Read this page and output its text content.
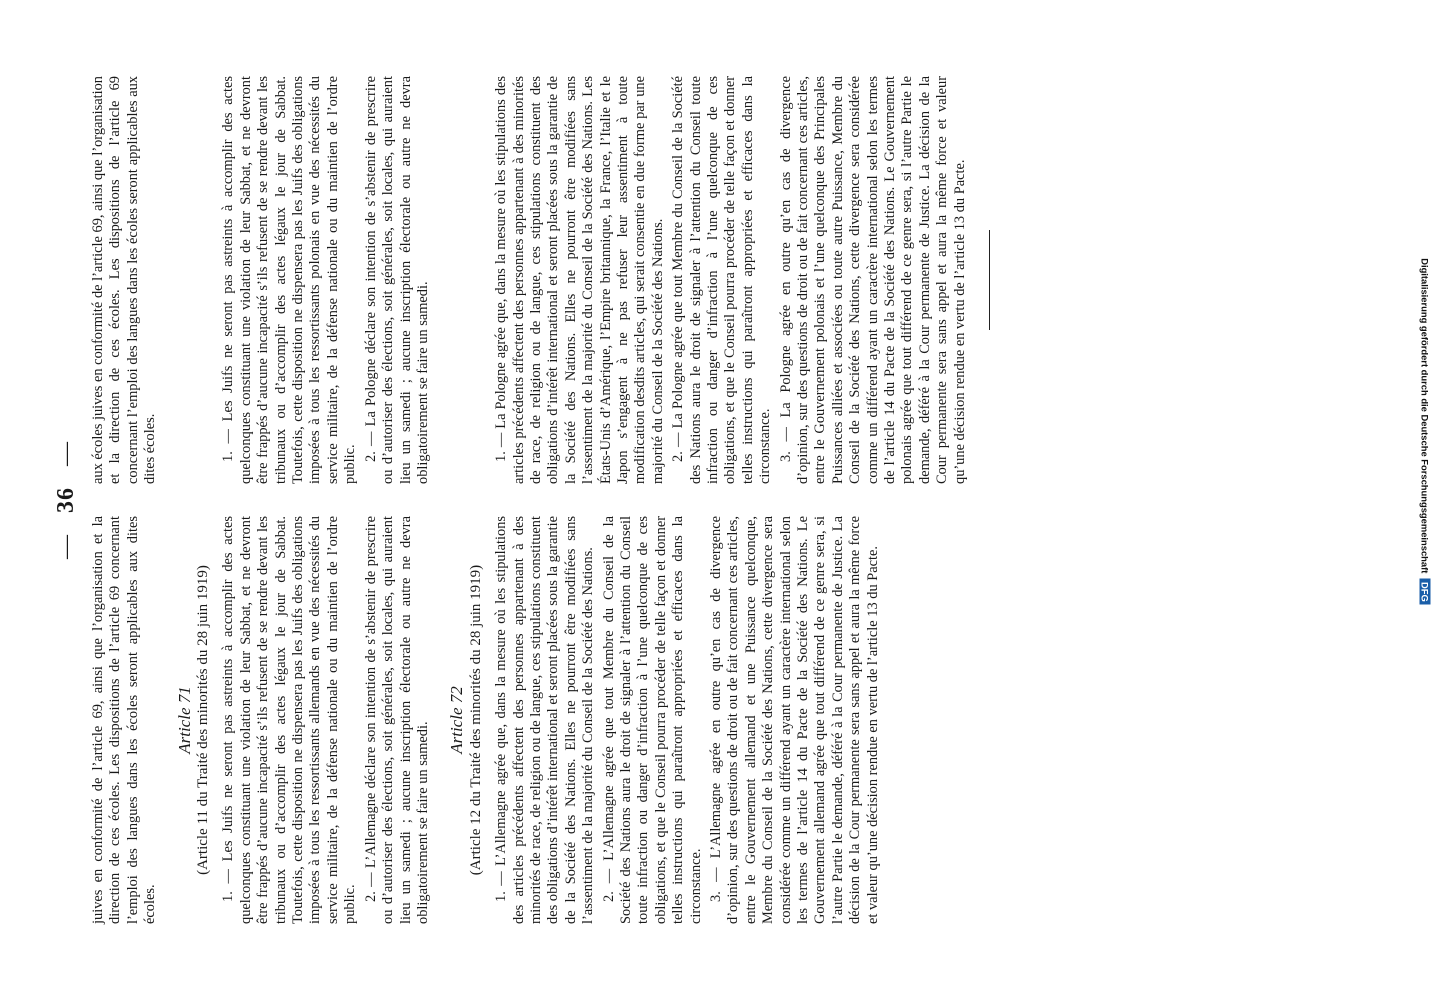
— 36 —

juives en conformité de l’article 69, ainsi que l’organisation et la direction de ces écoles. Les dispositions de l’article 69 concernant l’emploi des langues dans les écoles seront applicables aux dites écoles.

Article 71 (Article 11 du Traité des minorités du 28 juin 1919) 1. — Les Juifs ne seront pas astreints à accomplir des actes quelconques constituant une violation de leur Sabbat, et ne devront être frappés d’aucune incapacité s’ils refusent de se rendre devant les tribunaux ou d’accomplir des actes légaux le jour de Sabbat. Toutefois, cette disposition ne dispensera pas les Juifs des obligations imposées à tous les ressortissants allemands en vue des nécessités du service militaire, de la défense nationale ou du maintien de l’ordre public.

2. — L’Allemagne déclare son intention de s’abstenir de prescrire ou d’autoriser des élections, soit générales, soit locales, qui auraient lieu un samedi ; aucune inscription électorale ou autre ne devra obligatoirement se faire un samedi.

Article 72 (Article 12 du Traité des minorités du 28 juin 1919) 1. — L’Allemagne agrée que, dans la mesure où les stipulations des articles précédents affectent des personnes appartenant à des minorités de race, de religion ou de langue, ces stipulations constituent des obligations d’intérêt international et seront placées sous la garantie de la Société des Nations. Elles ne pourront être modifiées sans l’assentiment de la majorité du Conseil de la Société des Nations. 2. — L’Allemagne agrée que tout Membre du Conseil de la Société des Nations aura le droit de signaler à l’attention du Conseil toute infraction ou danger d’infraction à l’une quelconque de ces obligations, et que le Conseil pourra procéder de telle façon et donner telles instructions qui paraîtront appropriées et efficaces dans la circonstance. 3. — L’Allemagne agrée en outre qu’en cas de divergence d’opinion, sur des questions de droit ou de fait concernant ces articles, entre le Gouvernement allemand et une Puissance quelconque, Membre du Conseil de la Société des Nations, cette divergence sera considérée comme un différend ayant un caractère international selon les termes de l’article 14 du Pacte de la Société des Nations. Le Gouvernement allemand agrée que tout différend de ce genre sera, si l’autre Partie le demande, déféré à la Cour permanente de Justice. La décision de la Cour permanente sera sans appel et aura la même force et valeur qu’une décision rendue en vertu de l’article 13 du Pacte.

aux écoles juives en conformité de l’article 69, ainsi que l’organisation et la direction de ces écoles. Les dispositions de l’article 69 concernant l’emploi des langues dans les écoles seront applicables aux dites écoles.	1. — Les Juifs ne seront pas astreints à accomplir des actes quelconques constituant une violation de leur Sabbat, et ne devront être frappés d’aucune incapacité s’ils refusent de se rendre devant les tribunaux ou d’accomplir des actes légaux le jour de Sabbat. Toutefois, cette disposition ne dispensera pas les Juifs des obligations imposées à tous les ressortissants polonais en vue des nécessités du service militaire, de la défense nationale ou du maintien de l’ordre public.

2. — La Pologne déclare son intention de s’abstenir de prescrire ou d’autoriser des élections, soit générales, soit locales, qui auraient lieu un samedi ; aucune inscription électorale ou autre ne devra obligatoirement se faire un samedi.	1. — La Pologne agrée que, dans la mesure où les stipulations des articles précédents affectent des personnes appartenant à des minorités de race, de religion ou de langue, ces stipulations constituent des obligations d’intérêt international et seront placées sous la garantie de la Société des Nations. Elles ne pourront être modifiées sans l’assentiment de la majorité du Conseil de la Société des Nations. Les États-Unis d’Amérique, l’Empire britannique, la France, l’Italie et le Japon s’engagent à ne pas refuser leur assentiment à toute modification desdits articles, qui serait consentie en due forme par une majorité du Conseil de la Société des Nations. 2. — La Pologne agrée que tout Membre du Conseil de la Société des Nations aura le droit de signaler à l’attention du Conseil toute infraction ou danger d’infraction à l’une quelconque de ces obligations, et que le Conseil pourra procéder de telle façon et donner telles instructions qui paraîtront appropriées et efficaces dans la circonstance. 3. — La Pologne agrée en outre qu’en cas de divergence d’opinion, sur des questions de droit ou de fait concernant ces articles, entre le Gouvernement polonais et l’une quelconque des Principales Puissances alliées et associées ou toute autre Puissance, Membre du Conseil de la Société des Nations, cette divergence sera considérée comme un différend ayant un caractère international selon les termes de l’article 14 du Pacte de la Société des Nations. Le Gouvernement polonais agrée que tout différend de ce genre sera, si l’autre Partie le demande, déféré à la Cour permanente de Justice. La décision de la Cour permanente sera sans appel et aura la même force et valeur qu’une décision rendue en vertu de l’article 13 du Pacte.	Digitalisierung gefördert durch die Deutsche Forschungsgemeinschaft DFG
